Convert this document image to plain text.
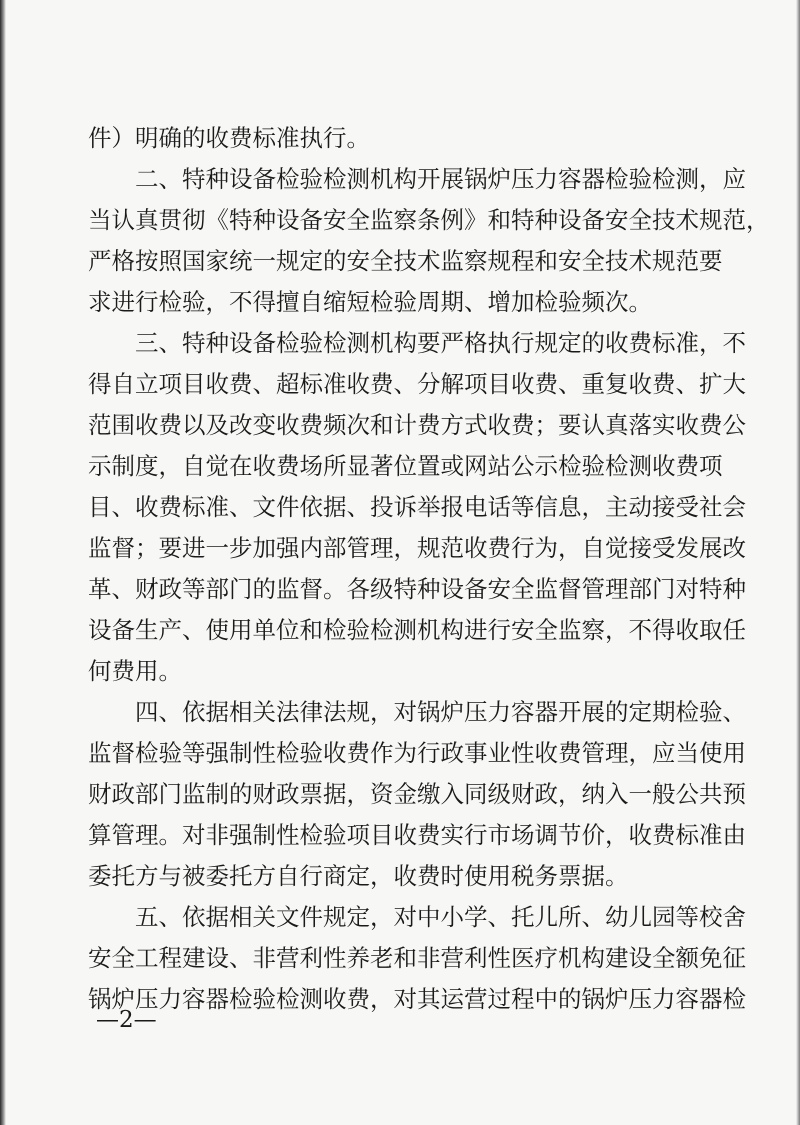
件）明确的收费标准执行。
　　二、特种设备检验检测机构开展锅炉压力容器检验检测，应
当认真贯彻《特种设备安全监察条例》和特种设备安全技术规范，
严格按照国家统一规定的安全技术监察规程和安全技术规范要
求进行检验，不得擅自缩短检验周期、增加检验频次。
　　三、特种设备检验检测机构要严格执行规定的收费标准，不
得自立项目收费、超标准收费、分解项目收费、重复收费、扩大
范围收费以及改变收费频次和计费方式收费；要认真落实收费公
示制度，自觉在收费场所显著位置或网站公示检验检测收费项
目、收费标准、文件依据、投诉举报电话等信息，主动接受社会
监督；要进一步加强内部管理，规范收费行为，自觉接受发展改
革、财政等部门的监督。各级特种设备安全监督管理部门对特种
设备生产、使用单位和检验检测机构进行安全监察，不得收取任
何费用。
　　四、依据相关法律法规，对锅炉压力容器开展的定期检验、
监督检验等强制性检验收费作为行政事业性收费管理，应当使用
财政部门监制的财政票据，资金缴入同级财政，纳入一般公共预
算管理。对非强制性检验项目收费实行市场调节价，收费标准由
委托方与被委托方自行商定，收费时使用税务票据。
　　五、依据相关文件规定，对中小学、托儿所、幼儿园等校舍
安全工程建设、非营利性养老和非营利性医疗机构建设全额免征
锅炉压力容器检验检测收费，对其运营过程中的锅炉压力容器检
—2—
